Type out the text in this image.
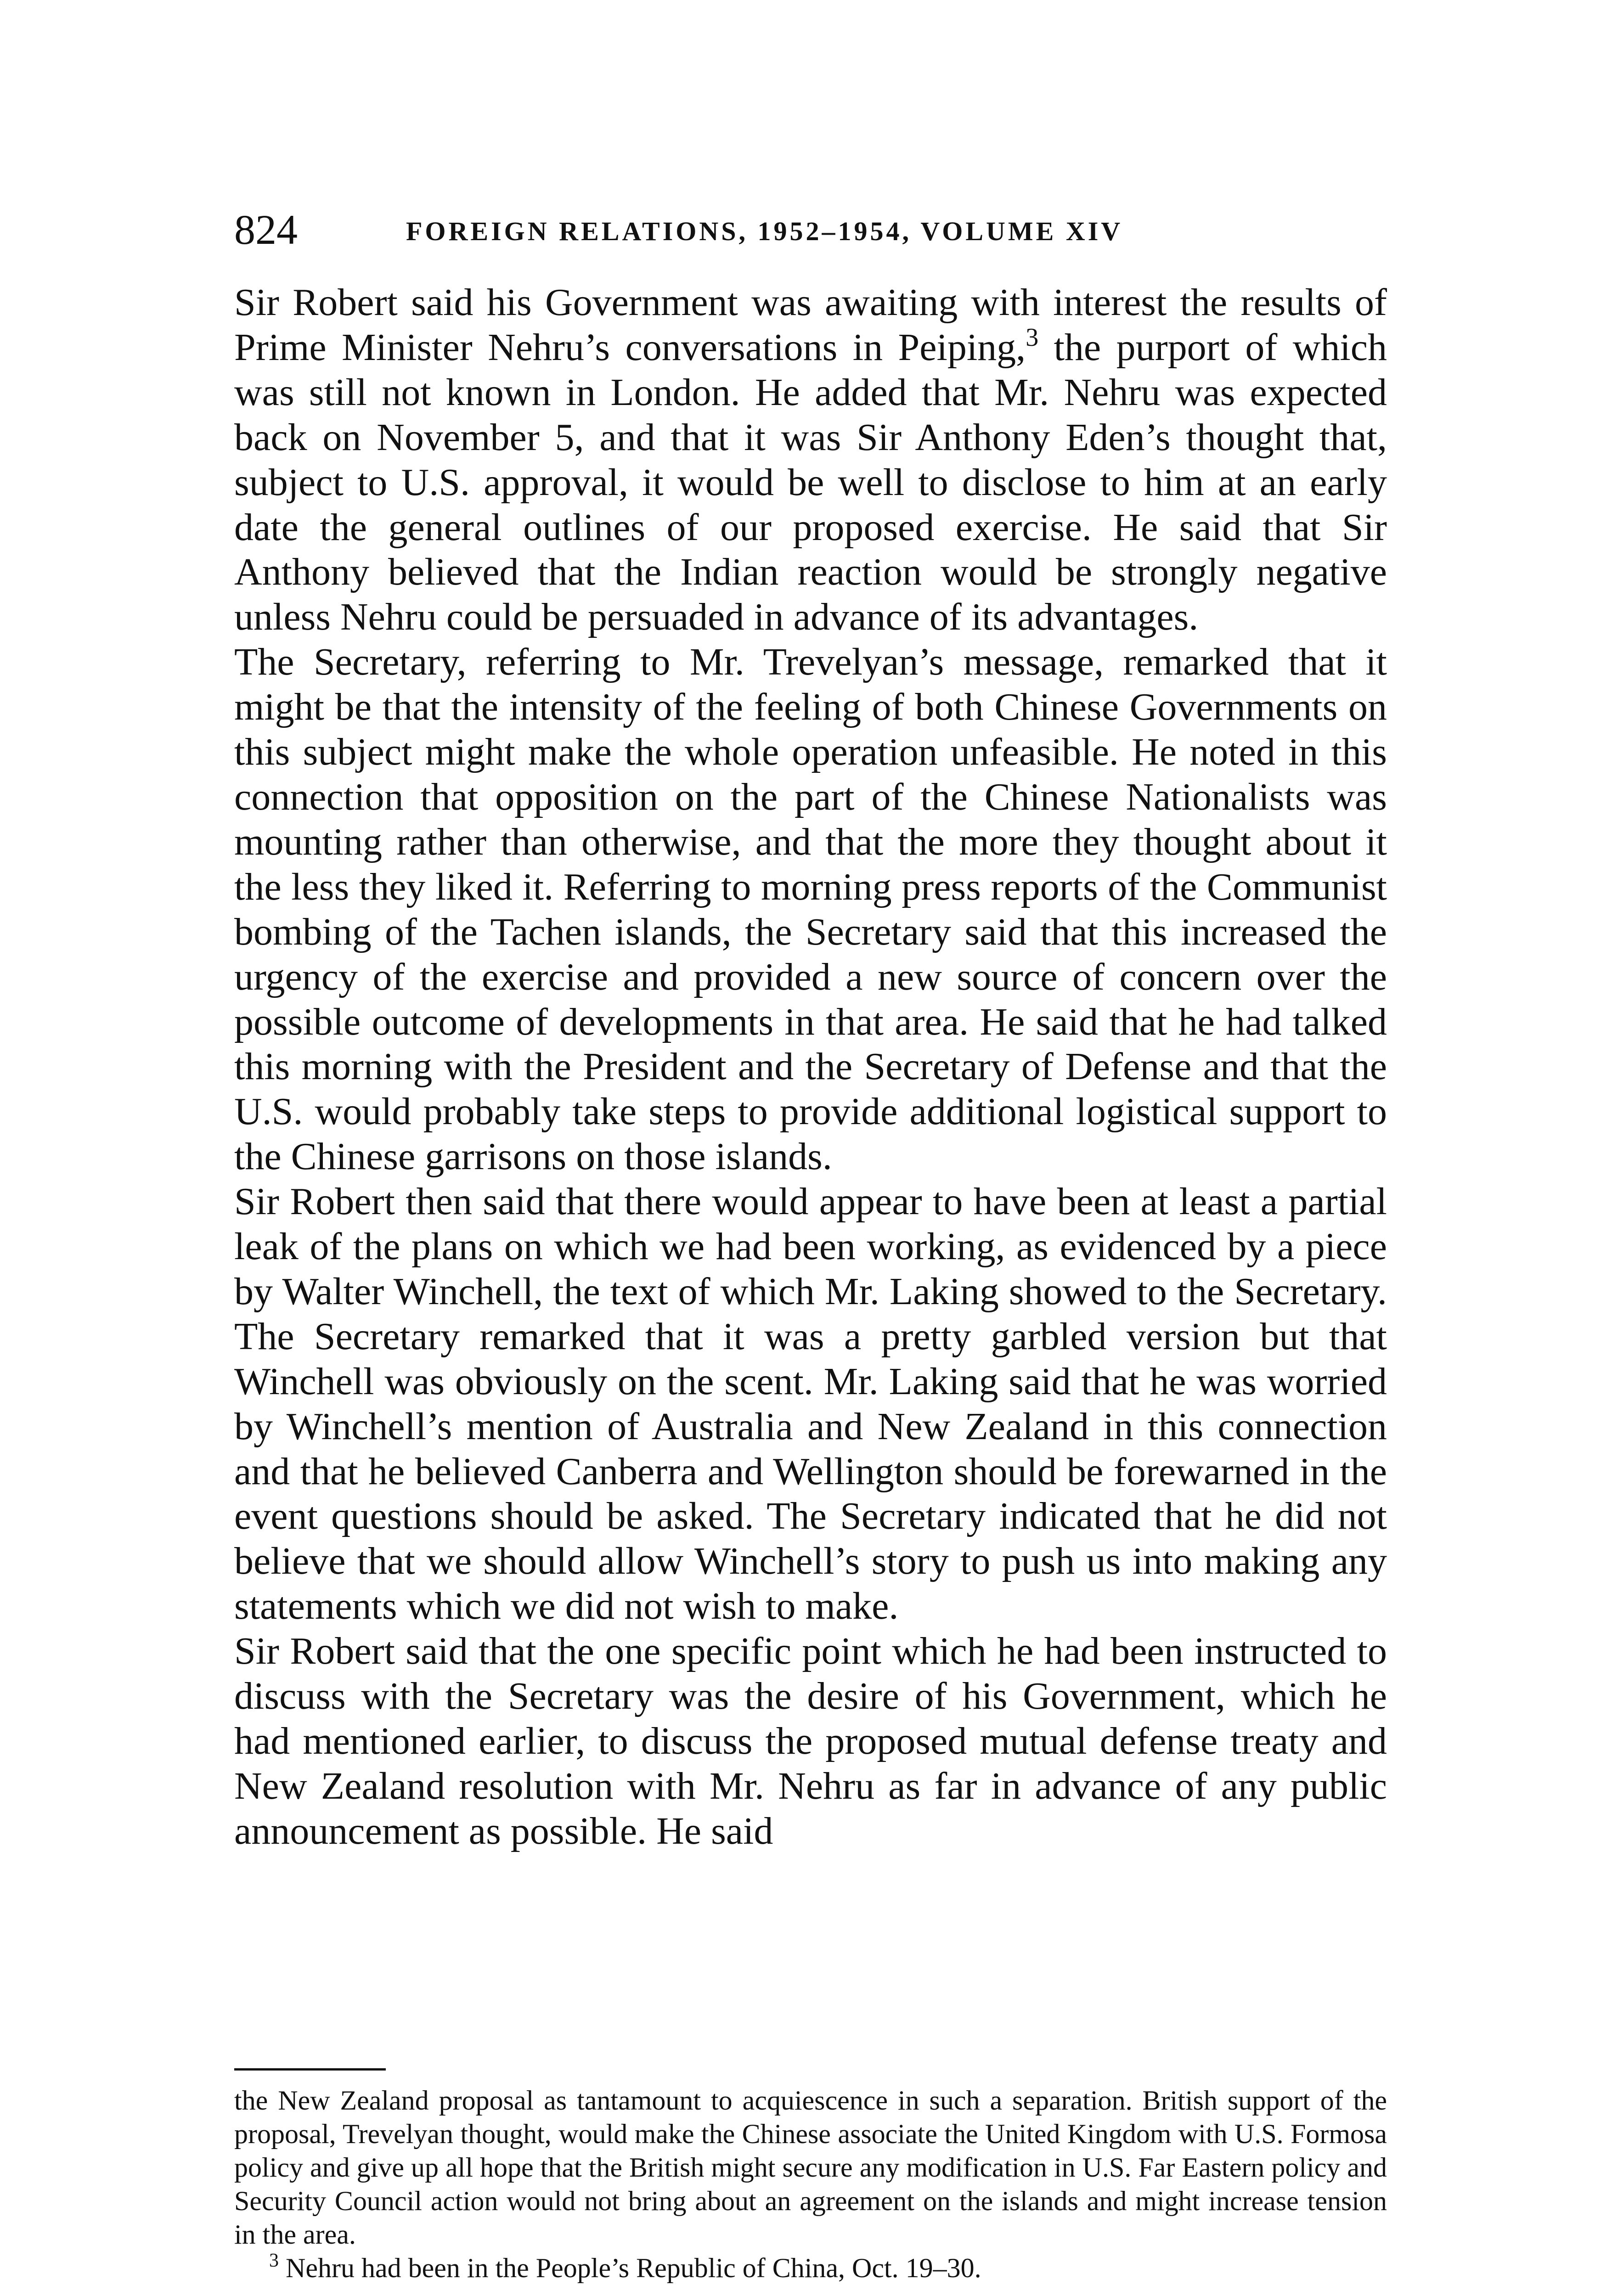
824	FOREIGN RELATIONS, 1952–1954, VOLUME XIV

Sir Robert said his Government was awaiting with interest the results of Prime Minister Nehru’s conversations in Peiping,$^3$ the purport of which was still not known in London. He added that Mr. Nehru was expected back on November 5, and that it was Sir Anthony Eden’s thought that, subject to U.S. approval, it would be well to disclose to him at an early date the general outlines of our proposed exercise. He said that Sir Anthony believed that the Indian reaction would be strongly negative unless Nehru could be persuaded in advance of its advantages.

The Secretary, referring to Mr. Trevelyan’s message, remarked that it might be that the intensity of the feeling of both Chinese Governments on this subject might make the whole operation unfeasible. He noted in this connection that opposition on the part of the Chinese Nationalists was mounting rather than otherwise, and that the more they thought about it the less they liked it. Referring to morning press reports of the Communist bombing of the Tachen islands, the Secretary said that this increased the urgency of the exercise and provided a new source of concern over the possible outcome of developments in that area. He said that he had talked this morning with the President and the Secretary of Defense and that the U.S. would probably take steps to provide additional logistical support to the Chinese garrisons on those islands.

Sir Robert then said that there would appear to have been at least a partial leak of the plans on which we had been working, as evidenced by a piece by Walter Winchell, the text of which Mr. Laking showed to the Secretary. The Secretary remarked that it was a pretty garbled version but that Winchell was obviously on the scent. Mr. Laking said that he was worried by Winchell’s mention of Australia and New Zealand in this connection and that he believed Canberra and Wellington should be forewarned in the event questions should be asked. The Secretary indicated that he did not believe that we should allow Winchell’s story to push us into making any statements which we did not wish to make.

Sir Robert said that the one specific point which he had been instructed to discuss with the Secretary was the desire of his Government, which he had mentioned earlier, to discuss the proposed mutual defense treaty and New Zealand resolution with Mr. Nehru as far in advance of any public announcement as possible. He said

the New Zealand proposal as tantamount to acquiescence in such a separation. British support of the proposal, Trevelyan thought, would make the Chinese associate the United Kingdom with U.S. Formosa policy and give up all hope that the British might secure any modification in U.S. Far Eastern policy and Security Council action would not bring about an agreement on the islands and might increase tension in the area.

$^3$ Nehru had been in the People’s Republic of China, Oct. 19–30.
